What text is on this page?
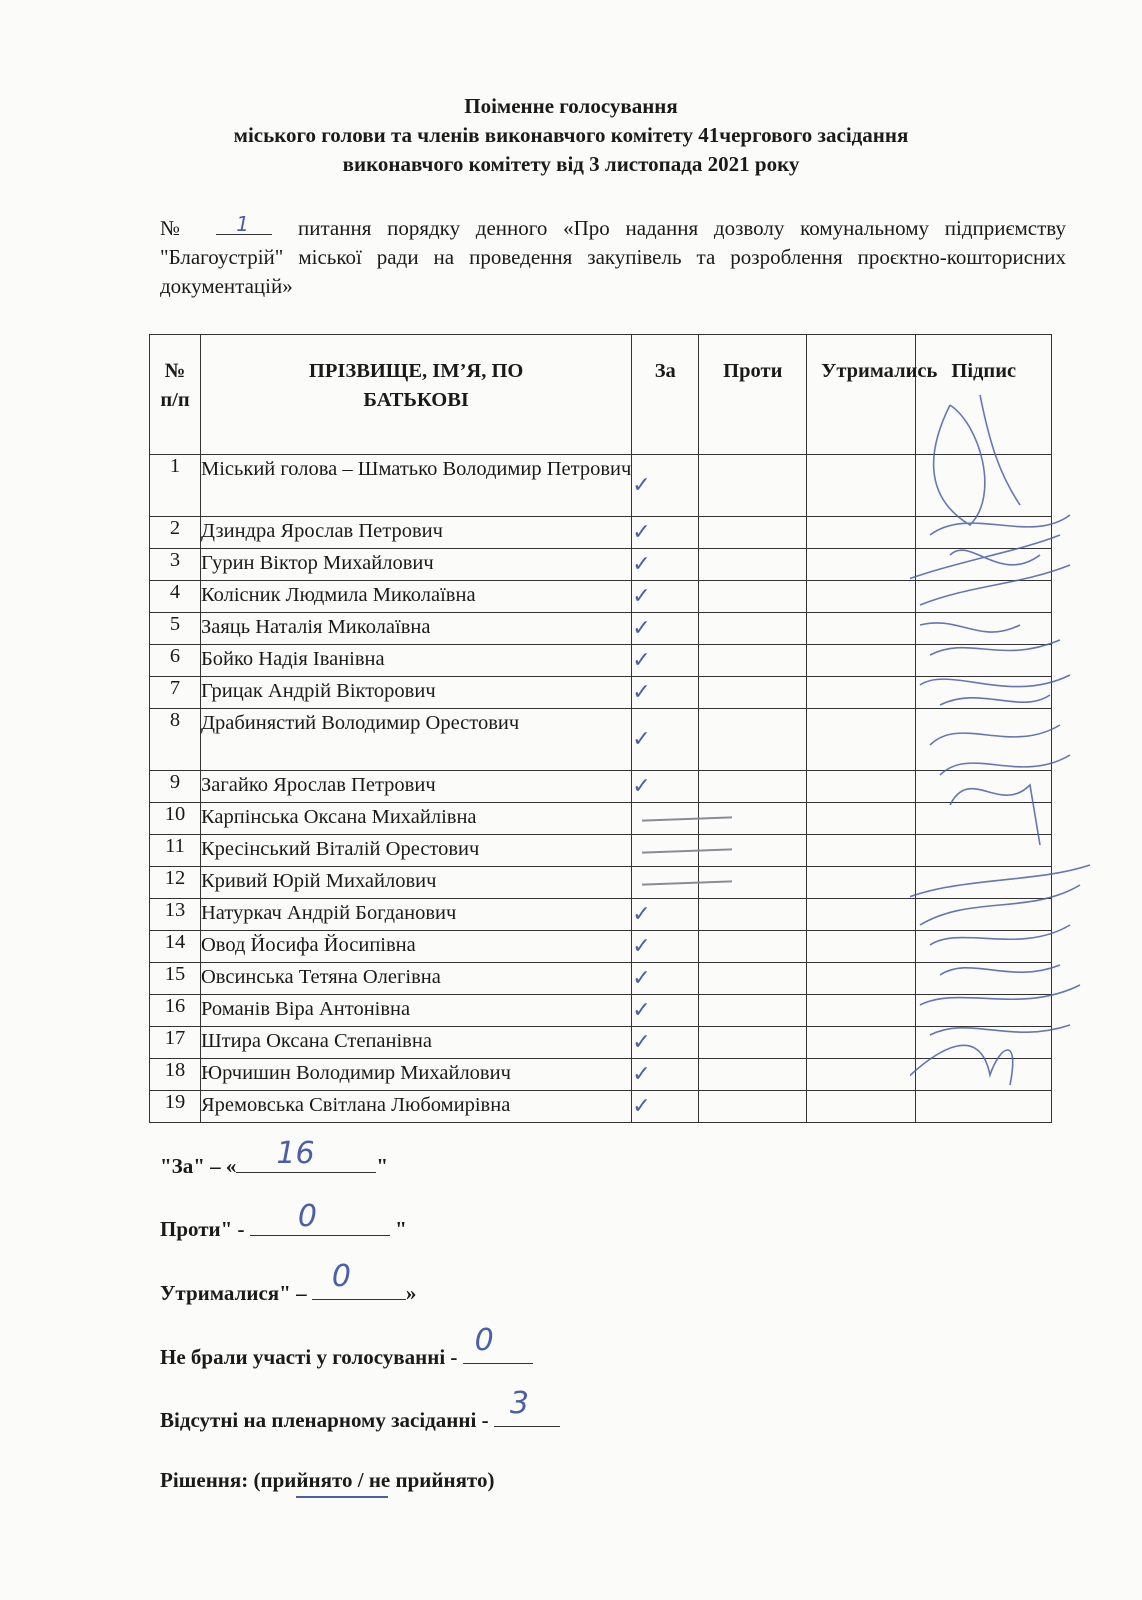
Поіменне голосування
міського голови та членів виконавчого комітету 41чергового засідання
виконавчого комітету від 3 листопада 2021 року
№ 1 питання порядку денного «Про надання дозволу комунальному підприємству "Благоустрій" міської ради на проведення закупівель та розроблення проєктно-кошторисних документацій»
№ п/п	ПРІЗВИЩЕ, ІМ’Я, ПО БАТЬКОВІ	За	Проти	Утримались	Підпис
1	Міський голова – Шматько Володимир Петрович	✓			
2	Дзиндра Ярослав Петрович	✓			
3	Гурин Віктор Михайлович	✓			
4	Колісник Людмила Миколаївна	✓			
5	Заяць Наталія Миколаївна	✓			
6	Бойко Надія Іванівна	✓			
7	Грицак Андрій Вікторович	✓			
8	Драбинястий Володимир Орестович	✓			
9	Загайко Ярослав Петрович	✓			
10	Карпінська Оксана Михайлівна	

11	Кресінський Віталій Орестович	

12	Кривий Юрій Михайлович	

13	Натуркач Андрій Богданович	✓			
14	Овод Йосифа Йосипівна	✓			
15	Овсинська Тетяна Олегівна	✓			
16	Романів Віра Антонівна	✓			
17	Штира Оксана Степанівна	✓			
18	Юрчишин Володимир Михайлович	✓			
19	Яремовська Світлана Любомирівна	✓			
"За" – « 16	"
Проти" - 0	"
Утрималися" – 0	»
Не брали участі у голосуванні - 0
Відсутні на пленарному засіданні - 3
Рішення: (прийнято / не прийнято)
